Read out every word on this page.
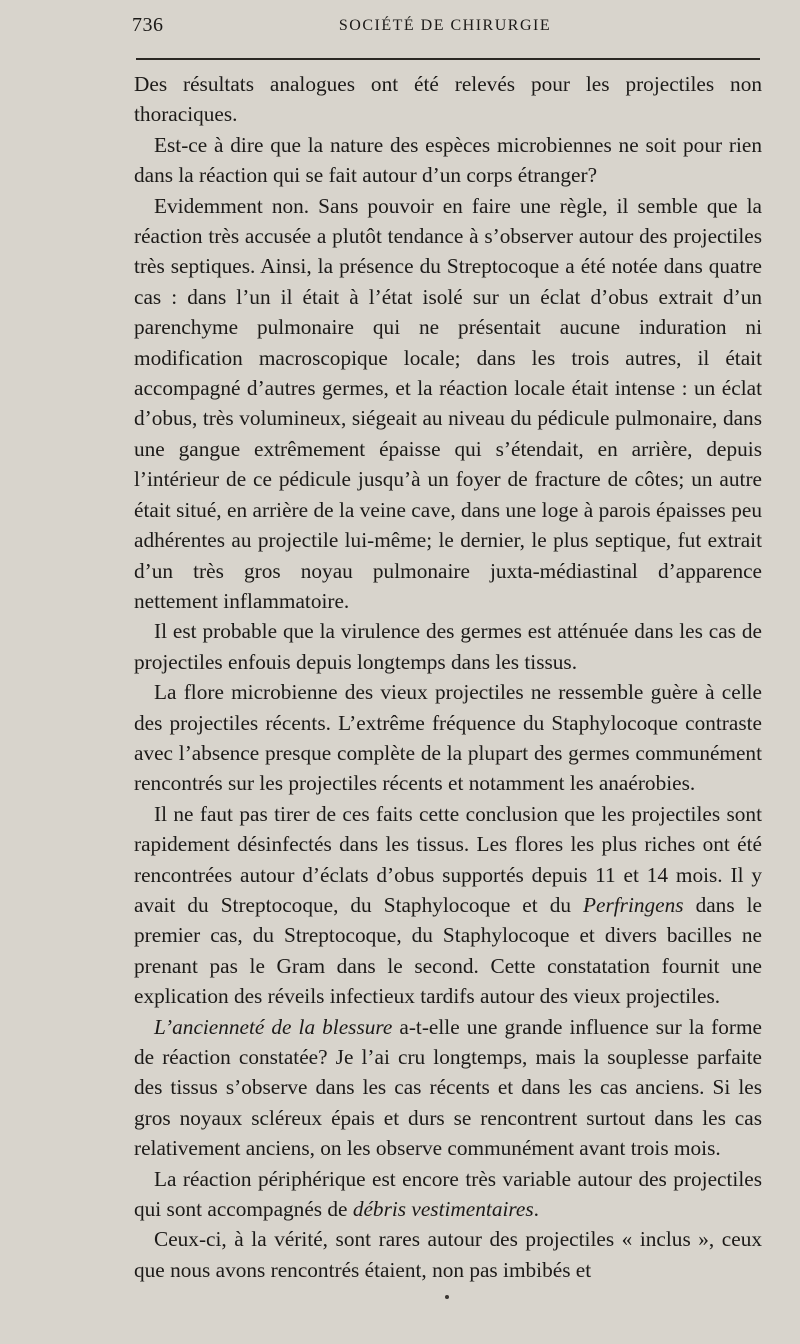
736	SOCIÉTÉ DE CHIRURGIE

Des résultats analogues ont été relevés pour les projectiles non thoraciques.

Est-ce à dire que la nature des espèces microbiennes ne soit pour rien dans la réaction qui se fait autour d’un corps étranger?

Evidemment non. Sans pouvoir en faire une règle, il semble que la réaction très accusée a plutôt tendance à s’observer autour des projectiles très septiques. Ainsi, la présence du Streptocoque a été notée dans quatre cas : dans l’un il était à l’état isolé sur un éclat d’obus extrait d’un parenchyme pulmonaire qui ne présentait aucune induration ni modification macroscopique locale; dans les trois autres, il était accompagné d’autres germes, et la réaction locale était intense : un éclat d’obus, très volumineux, siégeait au niveau du pédicule pulmonaire, dans une gangue extrêmement épaisse qui s’étendait, en arrière, depuis l’intérieur de ce pédicule jusqu’à un foyer de fracture de côtes; un autre était situé, en arrière de la veine cave, dans une loge à parois épaisses peu adhérentes au projectile lui-même; le dernier, le plus septique, fut extrait d’un très gros noyau pulmonaire juxta-médiastinal d’apparence nettement inflammatoire.

Il est probable que la virulence des germes est atténuée dans les cas de projectiles enfouis depuis longtemps dans les tissus.

La flore microbienne des vieux projectiles ne ressemble guère à celle des projectiles récents. L’extrême fréquence du Staphylocoque contraste avec l’absence presque complète de la plupart des germes communément rencontrés sur les projectiles récents et notamment les anaérobies.

Il ne faut pas tirer de ces faits cette conclusion que les projectiles sont rapidement désinfectés dans les tissus. Les flores les plus riches ont été rencontrées autour d’éclats d’obus supportés depuis 11 et 14 mois. Il y avait du Streptocoque, du Staphylocoque et du Perfringens dans le premier cas, du Streptocoque, du Staphylocoque et divers bacilles ne prenant pas le Gram dans le second. Cette constatation fournit une explication des réveils infectieux tardifs autour des vieux projectiles.

L’ancienneté de la blessure a-t-elle une grande influence sur la forme de réaction constatée? Je l’ai cru longtemps, mais la souplesse parfaite des tissus s’observe dans les cas récents et dans les cas anciens. Si les gros noyaux scléreux épais et durs se rencontrent surtout dans les cas relativement anciens, on les observe communément avant trois mois.

La réaction périphérique est encore très variable autour des projectiles qui sont accompagnés de débris vestimentaires.

Ceux-ci, à la vérité, sont rares autour des projectiles « inclus », ceux que nous avons rencontrés étaient, non pas imbibés et
